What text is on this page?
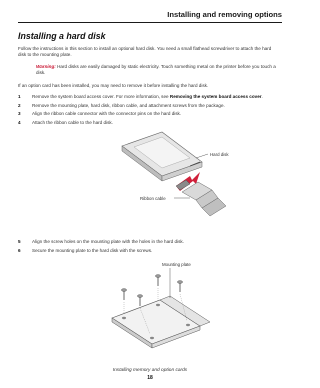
Installing and removing options
Installing a hard disk
Follow the instructions in this section to install an optional hard disk. You need a small flathead screwdriver to attach the hard disk to the mounting plate.
Warning: Hard disks are easily damaged by static electricity. Touch something metal on the printer before you touch a disk.
If an option card has been installed, you may need to remove it before installing the hard disk.
1 Remove the system board access cover. For more information, see Removing the system board access cover.
2 Remove the mounting plate, hard disk, ribbon cable, and attachment screws from the package.
3 Align the ribbon cable connector with the connector pins on the hard disk.
4 Attach the ribbon cable to the hard disk.
Hard disk
Ribbon cable
5 Align the screw holes on the mounting plate with the holes in the hard disk.
6 Secure the mounting plate to the hard disk with the screws.
Mounting plate
Installing memory and option cards
18
